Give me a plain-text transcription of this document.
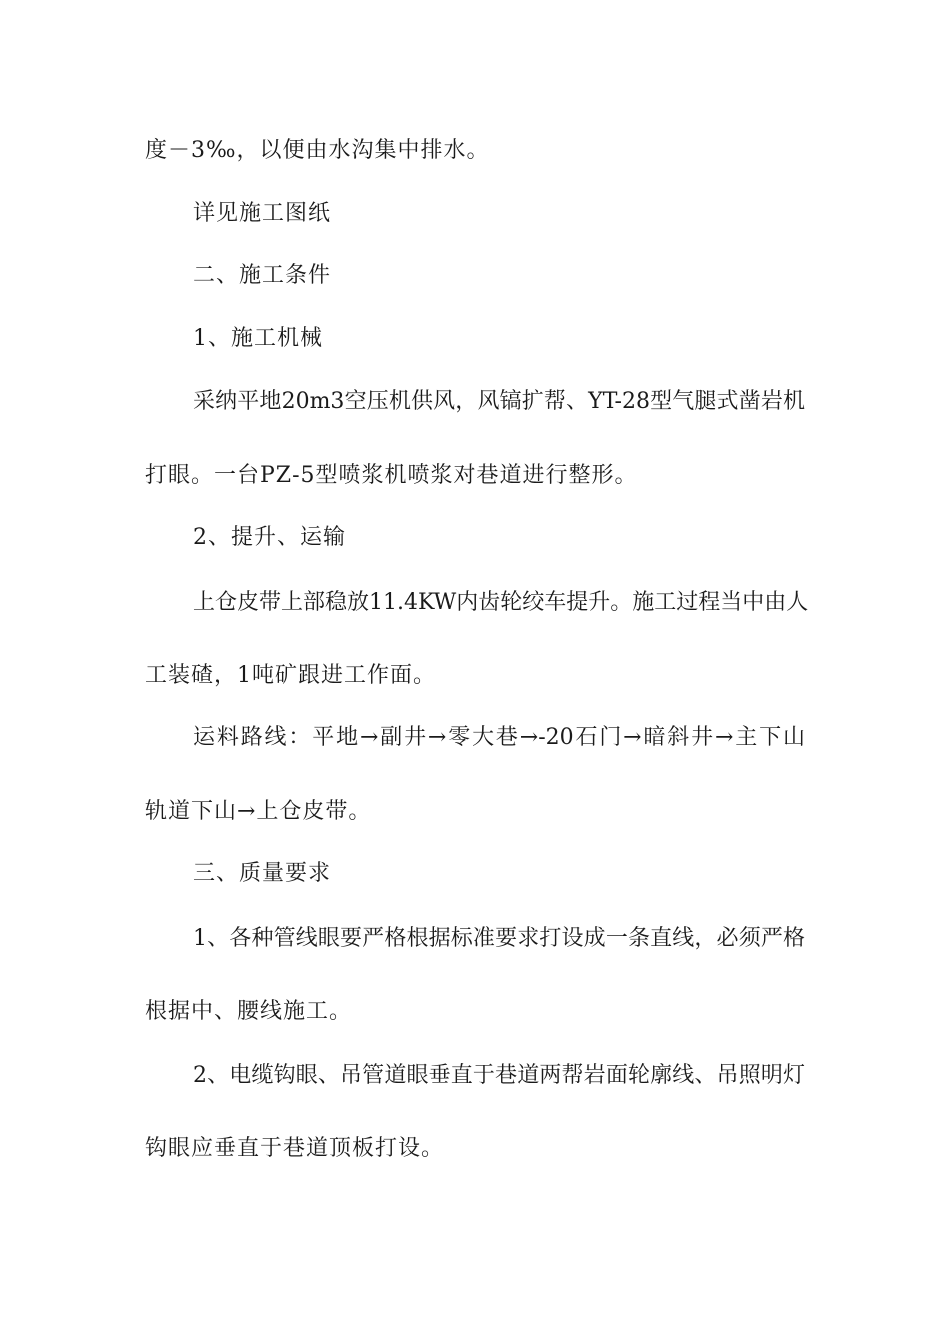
度－3‰，以便由水沟集中排水。
详见施工图纸
二、施工条件
1、施工机械
采纳平地20m3空压机供风，风镐扩帮、YT-28型气腿式凿岩机
打眼。一台PZ-5型喷浆机喷浆对巷道进行整形。
2、提升、运输
上仓皮带上部稳放11.4KW内齿轮绞车提升。施工过程当中由人
工装碴，1吨矿跟进工作面。
运料路线：平地→副井→零大巷→-20石门→暗斜井→主下山
轨道下山→上仓皮带。
三、质量要求
1、各种管线眼要严格根据标准要求打设成一条直线，必须严格
根据中、腰线施工。
2、电缆钩眼、吊管道眼垂直于巷道两帮岩面轮廓线、吊照明灯
钩眼应垂直于巷道顶板打设。
